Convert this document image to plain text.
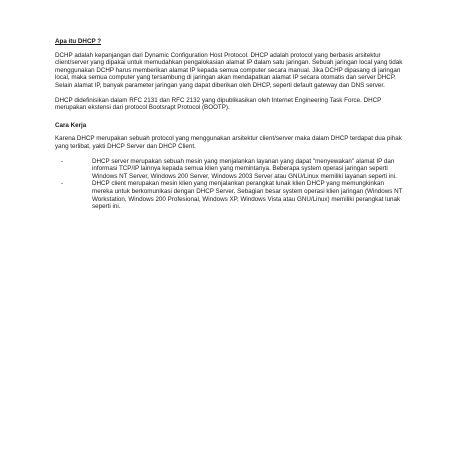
Apa itu DHCP ?

DCHP adalah kepanjangan dari Dynamic Configuration Host Protocol. DHCP adalah protocol yang berbasis arsitektur client/server yang dipakai untuk memudahkan pengalokasian alamat IP dalam satu jaringan. Sebuah jaringan local yang tidak menggunakan DCHP harus memberikan alamat IP kepada semua computer secara manual. Jika DCHP dipasang di jaringan local, maka semua computer yang tersambung di jaringan akan mendapatkan alamat IP secara otomatis dan server DHCP. Selain alamat IP, banyak parameter jaringan yang dapat diberikan oleh DHCP, seperti default gateway dan DNS server.

DHCP didefinisikan dalam RFC 2131 dan RFC 2132 yang dipublikasikan oleh Internet Engineering Task Force. DHCP merupakan ekstensi dari protocol Bootsrapt Protocol (BOOTP).

Cara Kerja

Karena DHCP merupakan sebuah protocol yang menggunakan arsitektur client/server maka dalam DHCP terdapat dua pihak yang terlibat, yakti DHCP Server dan DHCP Client.

-	DHCP server merupakan sebuah mesin yang menjalankan layanan yang dapat "menyewakan" alamat IP dan informasi TCP/IP lainnya kepada semua klien yang memintanya. Beberapa system operasi jaringan seperti Windows NT Server, Windows 200 Server, Windows 2003 Server atau GNU/Linux memiliki layanan seperti ini.
-	DHCP client merupakan mesin klien yang menjalankan perangkat lunak klien DHCP yang memungkinkan mereka untuk berkomunikasi dengan DHCP Server. Sebagian besar system operasi klien jaringan (Windows NT Workstation, Windows 200 Profesional, Windows XP, Windows Vista atau GNU/Linux) memiliki perangkat lunak seperti ini.
